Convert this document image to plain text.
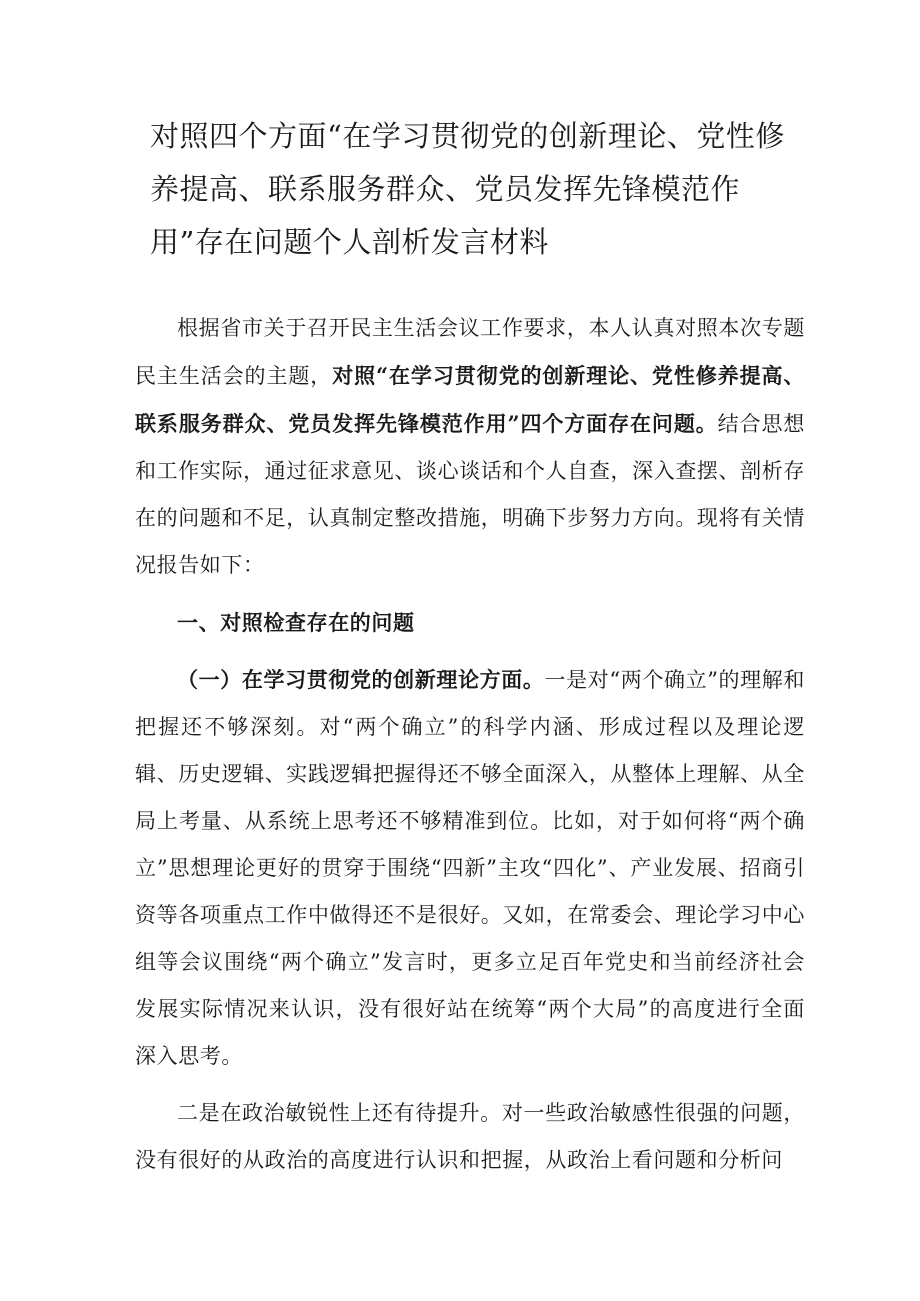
对照四个方面“在学习贯彻党的创新理论、党性修养提高、联系服务群众、党员发挥先锋模范作用”存在问题个人剖析发言材料

根据省市关于召开民主生活会议工作要求，本人认真对照本次专题民主生活会的主题，对照“在学习贯彻党的创新理论、党性修养提高、联系服务群众、党员发挥先锋模范作用”四个方面存在问题。结合思想和工作实际，通过征求意见、谈心谈话和个人自查，深入查摆、剖析存在的问题和不足，认真制定整改措施，明确下步努力方向。现将有关情况报告如下：

一、对照检查存在的问题

（一）在学习贯彻党的创新理论方面。一是对“两个确立”的理解和把握还不够深刻。对“两个确立”的科学内涵、形成过程以及理论逻辑、历史逻辑、实践逻辑把握得还不够全面深入，从整体上理解、从全局上考量、从系统上思考还不够精准到位。比如，对于如何将“两个确立”思想理论更好的贯穿于围绕“四新”主攻“四化”、产业发展、招商引资等各项重点工作中做得还不是很好。又如，在常委会、理论学习中心组等会议围绕“两个确立”发言时，更多立足百年党史和当前经济社会发展实际情况来认识，没有很好站在统筹“两个大局”的高度进行全面深入思考。

二是在政治敏锐性上还有待提升。对一些政治敏感性很强的问题，没有很好的从政治的高度进行认识和把握，从政治上看问题和分析问
